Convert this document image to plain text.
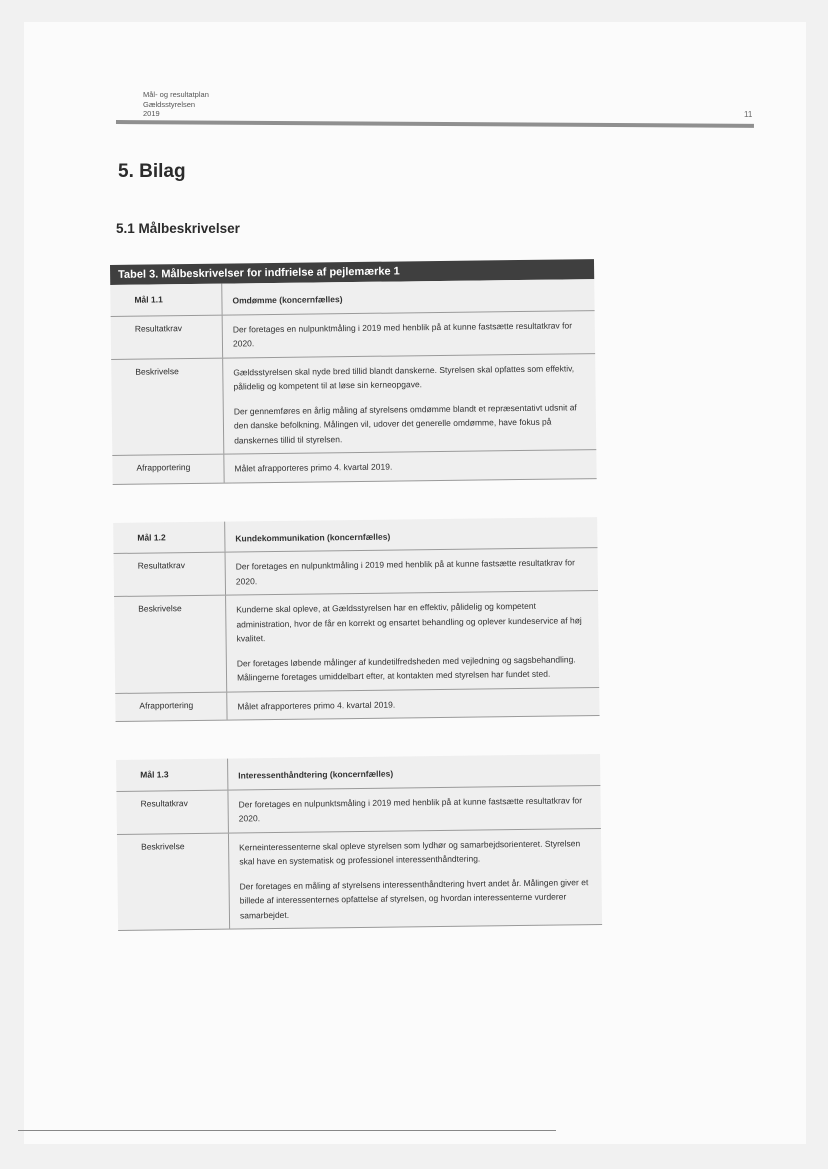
Mål- og resultatplan
Gældsstyrelsen
2019	11
5. Bilag
5.1 Målbeskrivelser
Tabel 3. Målbeskrivelser for indfrielse af pejlemærke 1
Mål 1.1	Omdømme (koncernfælles)
Resultatkrav	Der foretages en nulpunktmåling i 2019 med henblik på at kunne fastsætte resultatkrav for 2020.
Beskrivelse	Gældsstyrelsen skal nyde bred tillid blandt danskerne. Styrelsen skal opfattes som effektiv, pålidelig og kompetent til at løse sin kerneopgave.

Der gennemføres en årlig måling af styrelsens omdømme blandt et repræsentativt udsnit af den danske befolkning. Målingen vil, udover det generelle omdømme, have fokus på danskernes tillid til styrelsen.

Afrapportering	Målet afrapporteres primo 4. kvartal 2019.
Mål 1.2	Kundekommunikation (koncernfælles)
Resultatkrav	Der foretages en nulpunktmåling i 2019 med henblik på at kunne fastsætte resultatkrav for 2020.
Beskrivelse	Kunderne skal opleve, at Gældsstyrelsen har en effektiv, pålidelig og kompetent administration, hvor de får en korrekt og ensartet behandling og oplever kundeservice af høj kvalitet.

Der foretages løbende målinger af kundetilfredsheden med vejledning og sagsbehandling. Målingerne foretages umiddelbart efter, at kontakten med styrelsen har fundet sted.

Afrapportering	Målet afrapporteres primo 4. kvartal 2019.
Mål 1.3	Interessenthåndtering (koncernfælles)
Resultatkrav	Der foretages en nulpunktsmåling i 2019 med henblik på at kunne fastsætte resultatkrav for 2020.
Beskrivelse	Kerneinteressenterne skal opleve styrelsen som lydhør og samarbejdsorienteret. Styrelsen skal have en systematisk og professionel interessenthåndtering.

Der foretages en måling af styrelsens interessenthåndtering hvert andet år. Målingen giver et billede af interessenternes opfattelse af styrelsen, og hvordan interessenterne vurderer samarbejdet.
